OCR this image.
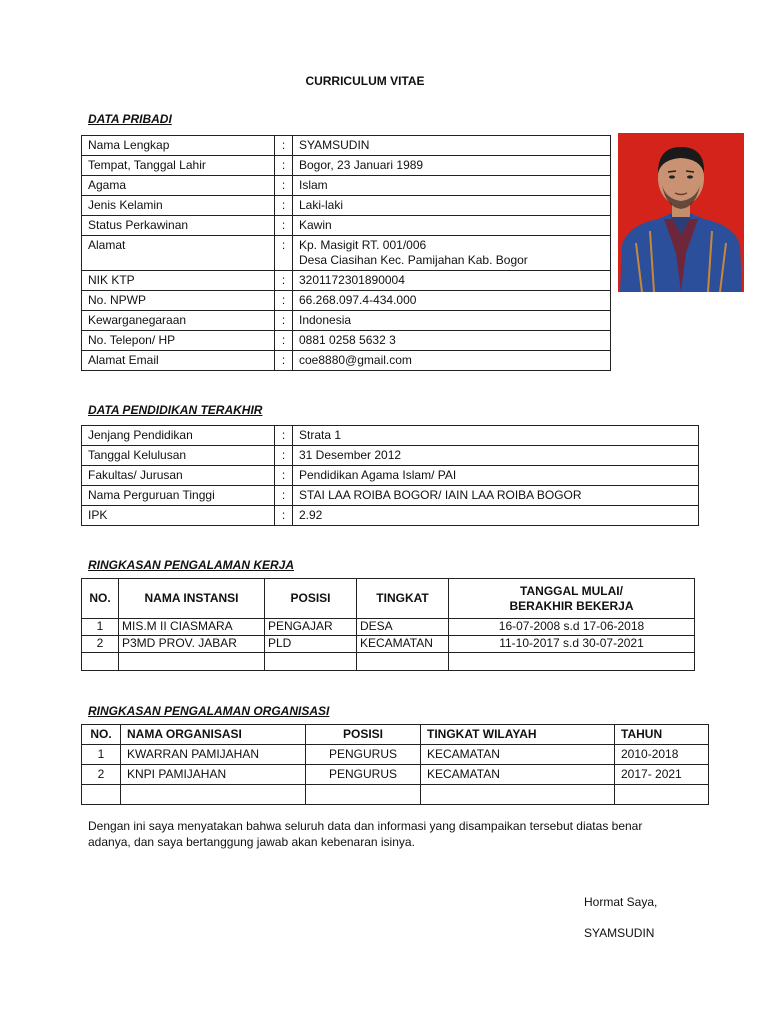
CURRICULUM VITAE
DATA PRIBADI
Nama Lengkap	:	SYAMSUDIN
Tempat, Tanggal Lahir	:	Bogor, 23 Januari 1989
Agama	:	Islam
Jenis Kelamin	:	Laki-laki
Status Perkawinan	:	Kawin
Alamat	:	Kp. Masigit RT. 001/006
Desa Ciasihan Kec. Pamijahan Kab. Bogor

NIK KTP	:	3201172301890004
No. NPWP	:	66.268.097.4-434.000
Kewarganegaraan	:	Indonesia
No. Telepon/ HP	:	0881 0258 5632 3
Alamat Email	:	coe8880@gmail.com
DATA PENDIDIKAN TERAKHIR
Jenjang Pendidikan	:	Strata 1
Tanggal Kelulusan	:	31 Desember 2012
Fakultas/ Jurusan	:	Pendidikan Agama Islam/ PAI
Nama Perguruan Tinggi	:	STAI LAA ROIBA BOGOR/ IAIN LAA ROIBA BOGOR
IPK	:	2.92
RINGKASAN PENGALAMAN KERJA
NO.	NAMA INSTANSI	POSISI	TINGKAT	TANGGAL MULAI/
BERAKHIR BEKERJA

1	MIS.M II CIASMARA	PENGAJAR	DESA	16-07-2008 s.d 17-06-2018
2	P3MD PROV. JABAR	PLD	KECAMATAN	11-10-2017 s.d 30-07-2021

RINGKASAN PENGALAMAN ORGANISASI
NO.	NAMA ORGANISASI	POSISI	TINGKAT WILAYAH	TAHUN
1	KWARRAN PAMIJAHAN	PENGURUS	KECAMATAN	2010-2018
2	KNPI PAMIJAHAN	PENGURUS	KECAMATAN	2017- 2021

Dengan ini saya menyatakan bahwa seluruh data dan informasi yang disampaikan tersebut diatas benar
adanya, dan saya bertanggung jawab akan kebenaran isinya.
Hormat Saya,
SYAMSUDIN
